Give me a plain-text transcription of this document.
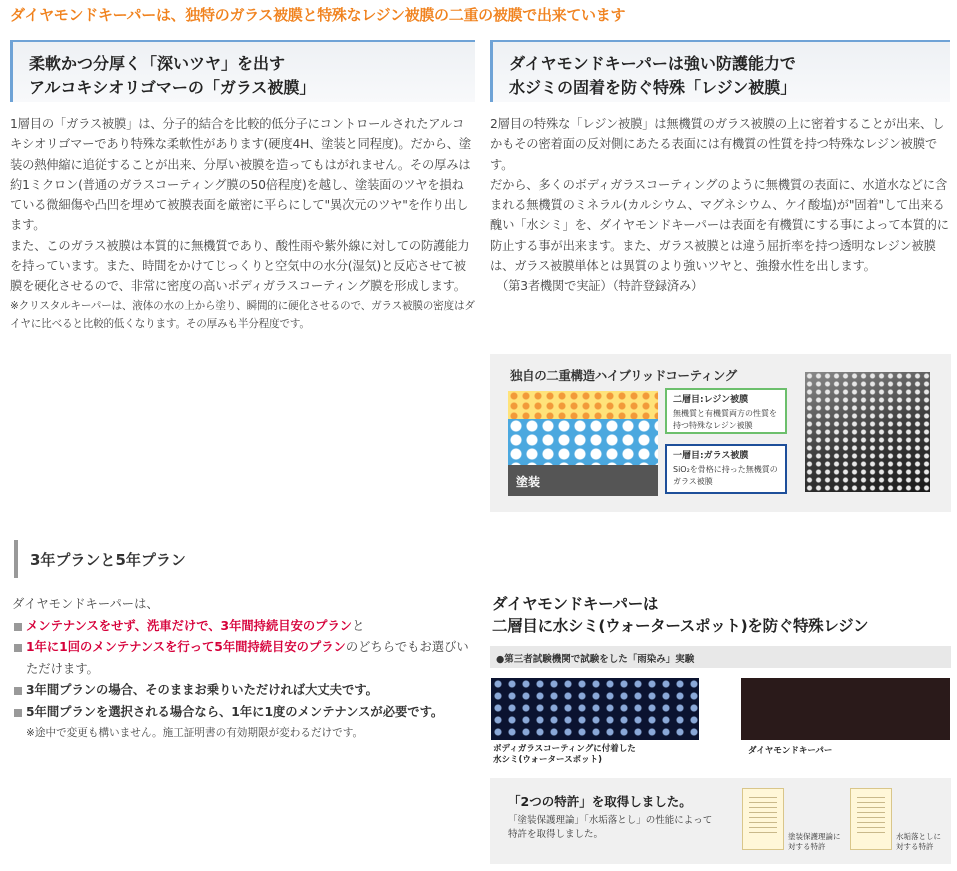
ダイヤモンドキーパーは、独特のガラス被膜と特殊なレジン被膜の二重の被膜で出来ています
柔軟かつ分厚く「深いツヤ」を出す
アルコキシオリゴマーの「ガラス被膜」

1層目の「ガラス被膜」は、分子的結合を比較的低分子にコントロールされたアルコキシオリゴマーであり特殊な柔軟性があります(硬度4H、塗装と同程度)。だから、塗装の熱伸縮に追従することが出来、分厚い被膜を造ってもはがれません。その厚みは約1ミクロン(普通のガラスコーティング膜の50倍程度)を越し、塗装面のツヤを損ねている微細傷や凸凹を埋めて被膜表面を厳密に平らにして"異次元のツヤ"を作り出します。

また、このガラス被膜は本質的に無機質であり、酸性雨や紫外線に対しての防護能力を持っています。また、時間をかけてじっくりと空気中の水分(湿気)と反応させて被膜を硬化させるので、非常に密度の高いボディガラスコーティング膜を形成します。

※クリスタルキーパーは、液体の水の上から塗り、瞬間的に硬化させるので、ガラス被膜の密度はダイヤに比べると比較的低くなります。その厚みも半分程度です。

ダイヤモンドキーパーは強い防護能力で
水ジミの固着を防ぐ特殊「レジン被膜」

2層目の特殊な「レジン被膜」は無機質のガラス被膜の上に密着することが出来、しかもその密着面の反対側にあたる表面には有機質の性質を持つ特殊なレジン被膜です。

だから、多くのボディガラスコーティングのように無機質の表面に、水道水などに含まれる無機質のミネラル(カルシウム、マグネシウム、ケイ酸塩)が"固着"して出来る醜い「水シミ」を、ダイヤモンドキーパーは表面を有機質にする事によって本質的に防止する事が出来ます。また、ガラス被膜とは違う屈折率を持つ透明なレジン被膜は、ガラス被膜単体とは異質のより強いツヤと、強撥水性を出します。

（第3者機関で実証）（特許登録済み）

独自の二重構造ハイブリッドコーティング
塗装
二層目:レジン被膜
無機質と有機質両方の性質を持つ特殊なレジン被膜
一層目:ガラス被膜
SiO₂を骨格に持った無機質のガラス被膜
3年プランと5年プラン
ダイヤモンドキーパーは、
メンテナンスをせず、洗車だけで、3年間持続目安のプランと
1年に1回のメンテナンスを行って5年間持続目安のプランのどちらでもお選びいただけます。
3年間プランの場合、そのままお乗りいただければ大丈夫です。
5年間プランを選択される場合なら、1年に1度のメンテナンスが必要です。
※途中で変更も構いません。施工証明書の有効期限が変わるだけです。
ダイヤモンドキーパーは
二層目に水シミ(ウォータースポット)を防ぐ特殊レジン
●第三者試験機関で試験をした「雨染み」実験
ボディガラスコーティングに付着した
水シミ(ウォータースポット)
ダイヤモンドキーパー
「2つの特許」を取得しました。
「塗装保護理論」「水垢落とし」の性能によって
特許を取得しました。	塗装保護理論に
対する特許
水垢落としに
対する特許
